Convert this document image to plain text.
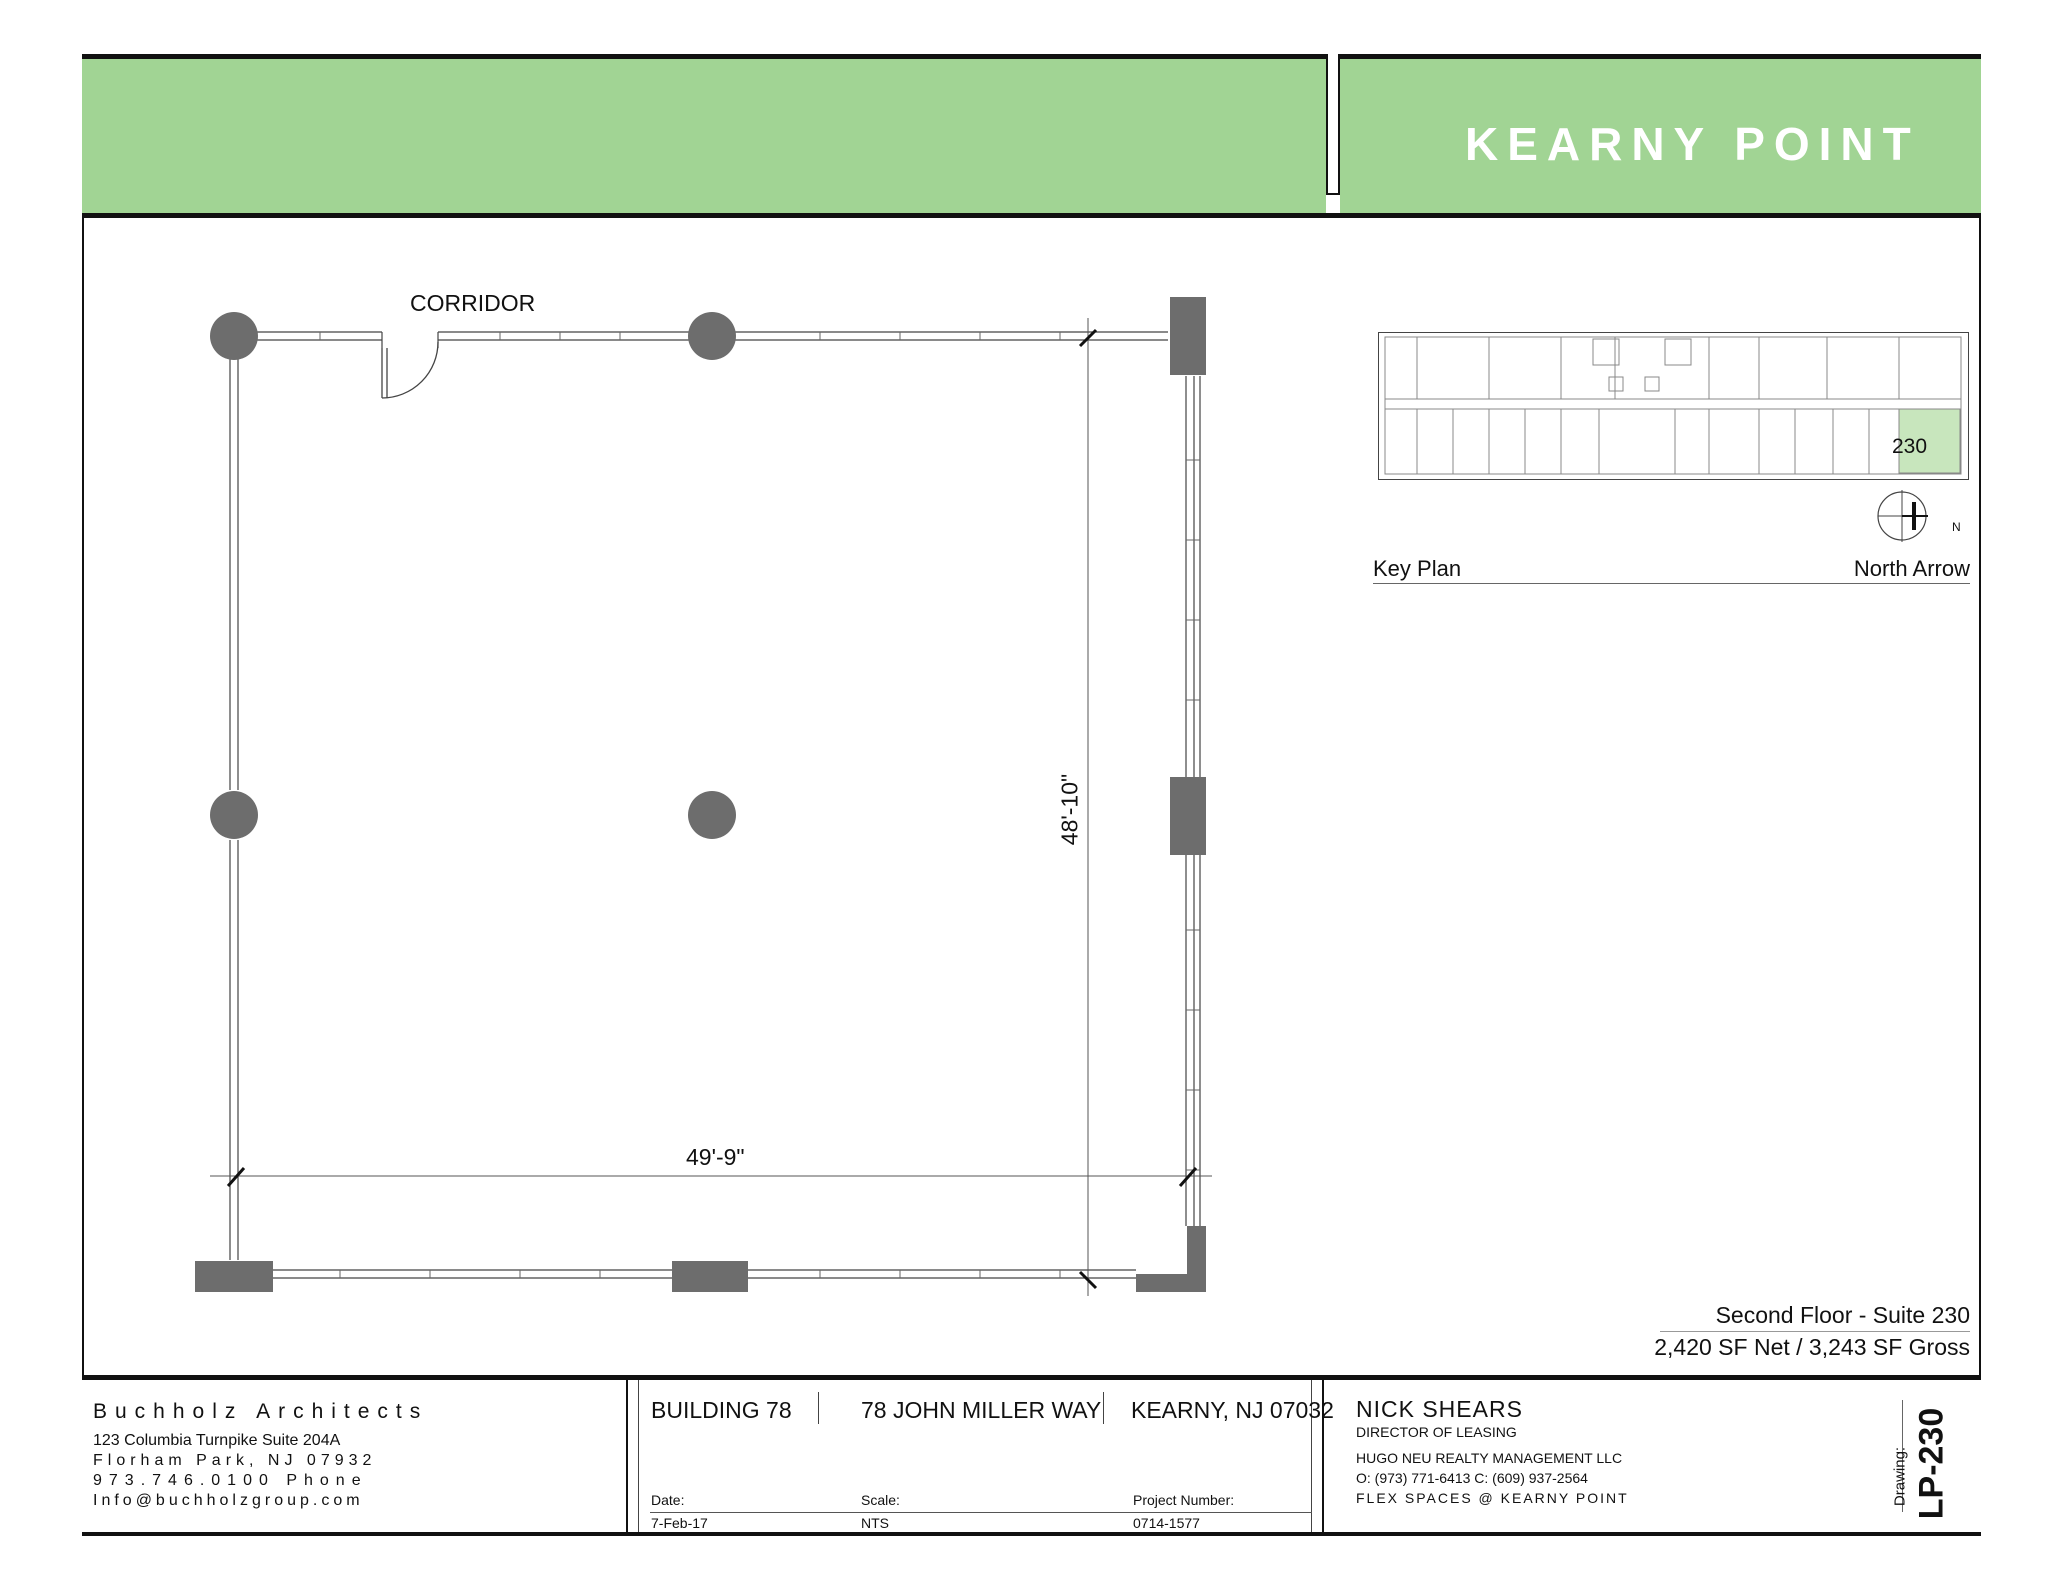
KEARNY POINT
CORRIDOR
49'-9"
48'-10"
230
N
Key Plan	North Arrow
Second Floor - Suite 230
2,420 SF Net / 3,243 SF Gross
Buchholz Architects
123 Columbia Turnpike Suite 204A
Florham Park, NJ 07932
973.746.0100 Phone
Info@buchholzgroup.com
BUILDING 78	78 JOHN MILLER WAY KEARNY, NJ 07032
Date:	Scale:	Project Number:
7-Feb-17	NTS	0714-1577
NICK SHEARS
DIRECTOR OF LEASING
HUGO NEU REALTY MANAGEMENT LLC
O: (973) 771-6413 C: (609) 937-2564
FLEX SPACES @ KEARNY POINT	Drawing: LP-230
